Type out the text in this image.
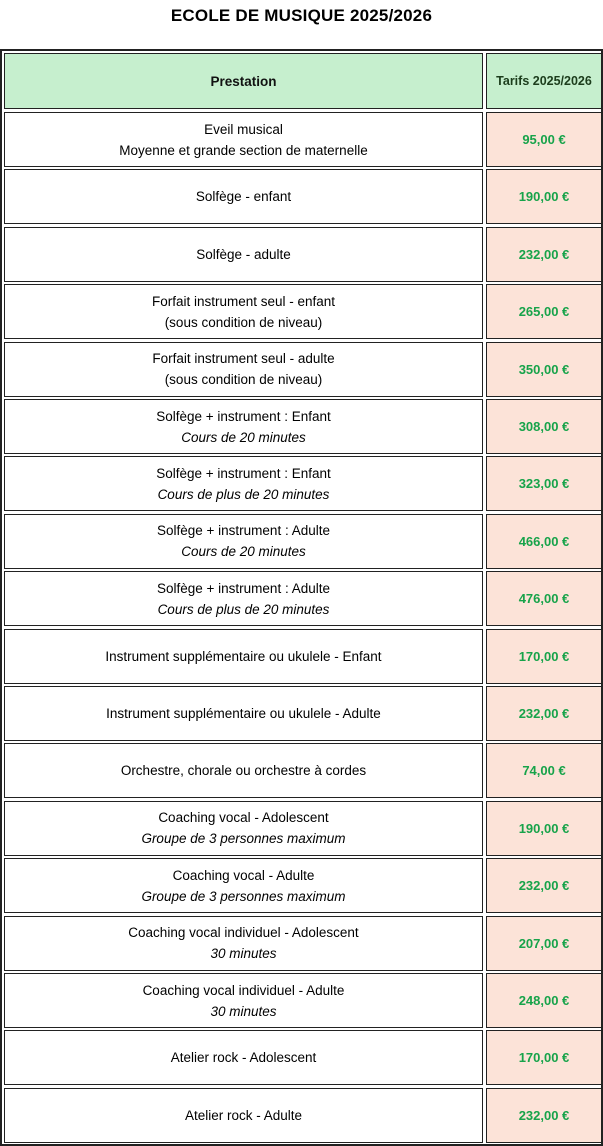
ECOLE DE MUSIQUE 2025/2026
Prestation	Tarifs 2025/2026
Eveil musical
Moyenne et grande section de maternelle
95,00 €
Solfège - enfant	190,00 €
Solfège - adulte	232,00 €
Forfait instrument seul - enfant
(sous condition de niveau)
265,00 €
Forfait instrument seul - adulte
(sous condition de niveau)
350,00 €
Solfège + instrument : Enfant
Cours de 20 minutes
308,00 €
Solfège + instrument : Enfant
Cours de plus de 20 minutes
323,00 €
Solfège + instrument : Adulte
Cours de 20 minutes
466,00 €
Solfège + instrument : Adulte
Cours de plus de 20 minutes
476,00 €
Instrument supplémentaire ou ukulele - Enfant	170,00 €
Instrument supplémentaire ou ukulele - Adulte	232,00 €
Orchestre, chorale ou orchestre à cordes	74,00 €
Coaching vocal - Adolescent
Groupe de 3 personnes maximum
190,00 €
Coaching vocal - Adulte
Groupe de 3 personnes maximum
232,00 €
Coaching vocal individuel - Adolescent
30 minutes
207,00 €
Coaching vocal individuel - Adulte
30 minutes
248,00 €
Atelier rock - Adolescent	170,00 €
Atelier rock - Adulte	232,00 €
